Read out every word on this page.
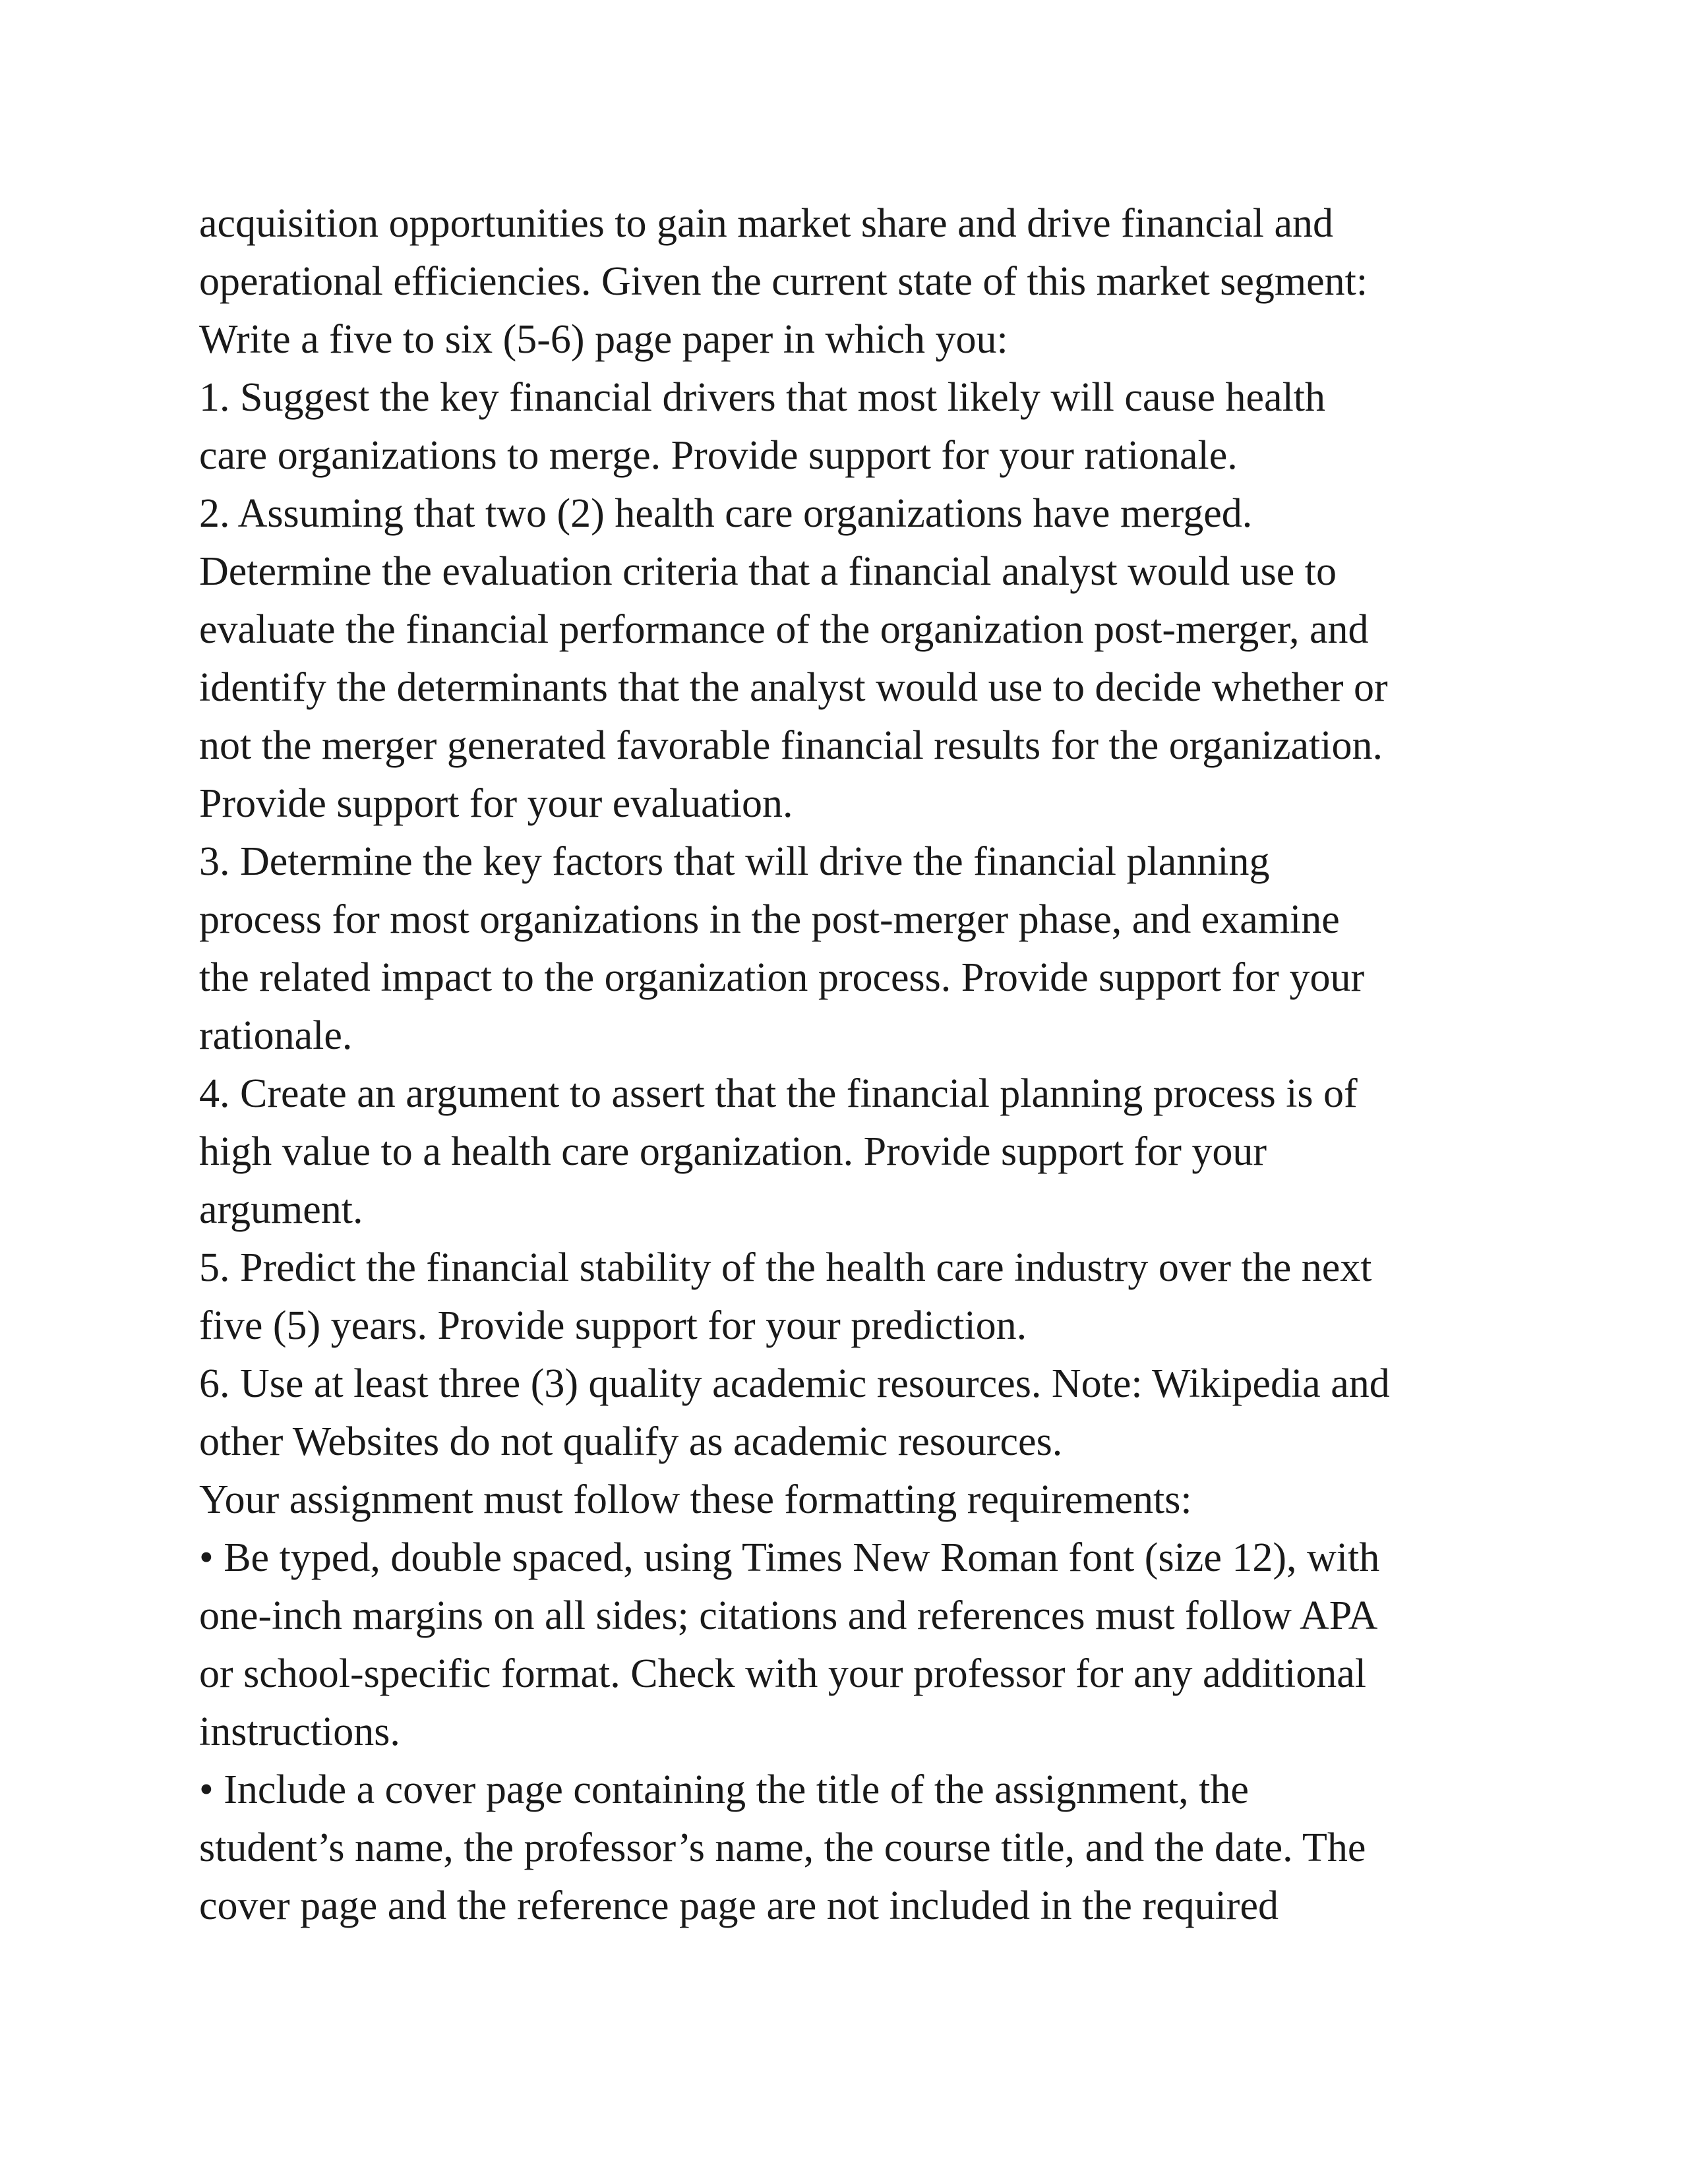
acquisition opportunities to gain market share and drive financial and
operational efficiencies. Given the current state of this market segment:
Write a five to six (5-6) page paper in which you:
1. Suggest the key financial drivers that most likely will cause health
care organizations to merge. Provide support for your rationale.
2. Assuming that two (2) health care organizations have merged.
Determine the evaluation criteria that a financial analyst would use to
evaluate the financial performance of the organization post-merger, and
identify the determinants that the analyst would use to decide whether or
not the merger generated favorable financial results for the organization.
Provide support for your evaluation.
3. Determine the key factors that will drive the financial planning
process for most organizations in the post-merger phase, and examine
the related impact to the organization process. Provide support for your
rationale.
4. Create an argument to assert that the financial planning process is of
high value to a health care organization. Provide support for your
argument.
5. Predict the financial stability of the health care industry over the next
five (5) years. Provide support for your prediction.
6. Use at least three (3) quality academic resources. Note: Wikipedia and
other Websites do not qualify as academic resources.
Your assignment must follow these formatting requirements:
• Be typed, double spaced, using Times New Roman font (size 12), with
one-inch margins on all sides; citations and references must follow APA
or school-specific format. Check with your professor for any additional
instructions.
• Include a cover page containing the title of the assignment, the
student’s name, the professor’s name, the course title, and the date. The
cover page and the reference page are not included in the required
